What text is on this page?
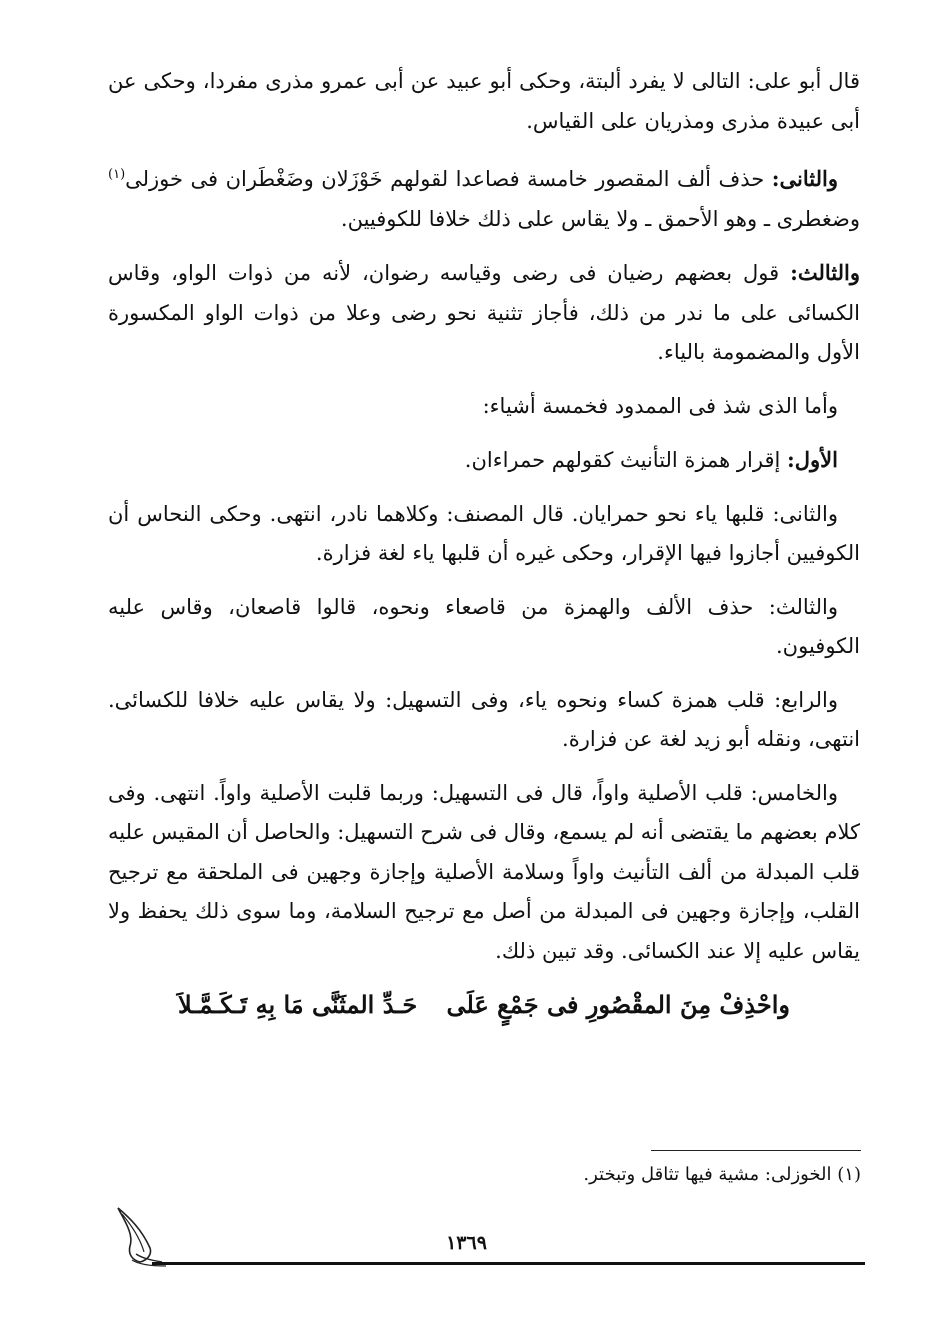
قال أبو على: التالى لا يفرد ألبتة، وحكى أبو عبيد عن أبى عمرو مذرى مفردا، وحكى عن أبى عبيدة مذرى ومذريان على القياس.

والثانى: حذف ألف المقصور خامسة فصاعدا لقولهم خَوْزَلان وضَغْطَران فى خوزلى$^{(١)}$ وضغطرى ـ وهو الأحمق ـ ولا يقاس على ذلك خلافا للكوفيين.

والثالث: قول بعضهم رضيان فى رضى وقياسه رضوان، لأنه من ذوات الواو، وقاس الكسائى على ما ندر من ذلك، فأجاز تثنية نحو رضى وعلا من ذوات الواو المكسورة الأول والمضمومة بالياء.

وأما الذى شذ فى الممدود فخمسة أشياء:

الأول: إقرار همزة التأنيث كقولهم حمراءان.

والثانى: قلبها ياء نحو حمرايان. قال المصنف: وكلاهما نادر، انتهى. وحكى النحاس أن الكوفيين أجازوا فيها الإقرار، وحكى غيره أن قلبها ياء لغة فزارة.

والثالث: حذف الألف والهمزة من قاصعاء ونحوه، قالوا قاصعان، وقاس عليه الكوفيون.

والرابع: قلب همزة كساء ونحوه ياء، وفى التسهيل: ولا يقاس عليه خلافا للكسائى. انتهى، ونقله أبو زيد لغة عن فزارة.

والخامس: قلب الأصلية واواً، قال فى التسهيل: وربما قلبت الأصلية واواً. انتهى. وفى كلام بعضهم ما يقتضى أنه لم يسمع، وقال فى شرح التسهيل: والحاصل أن المقيس عليه قلب المبدلة من ألف التأنيث واواً وسلامة الأصلية وإجازة وجهين فى الملحقة مع ترجيح القلب، وإجازة وجهين فى المبدلة من أصل مع ترجيح السلامة، وما سوى ذلك يحفظ ولا يقاس عليه إلا عند الكسائى. وقد تبين ذلك.

واحْذِفْ مِنَ المقْصُورِ فى جَمْعٍ عَلَى
حَـدِّ المثَنَّى مَا بِهِ تَـكَـمَّـلاَ
(١) الخوزلى: مشية فيها تثاقل وتبختر.
١٣٦٩
